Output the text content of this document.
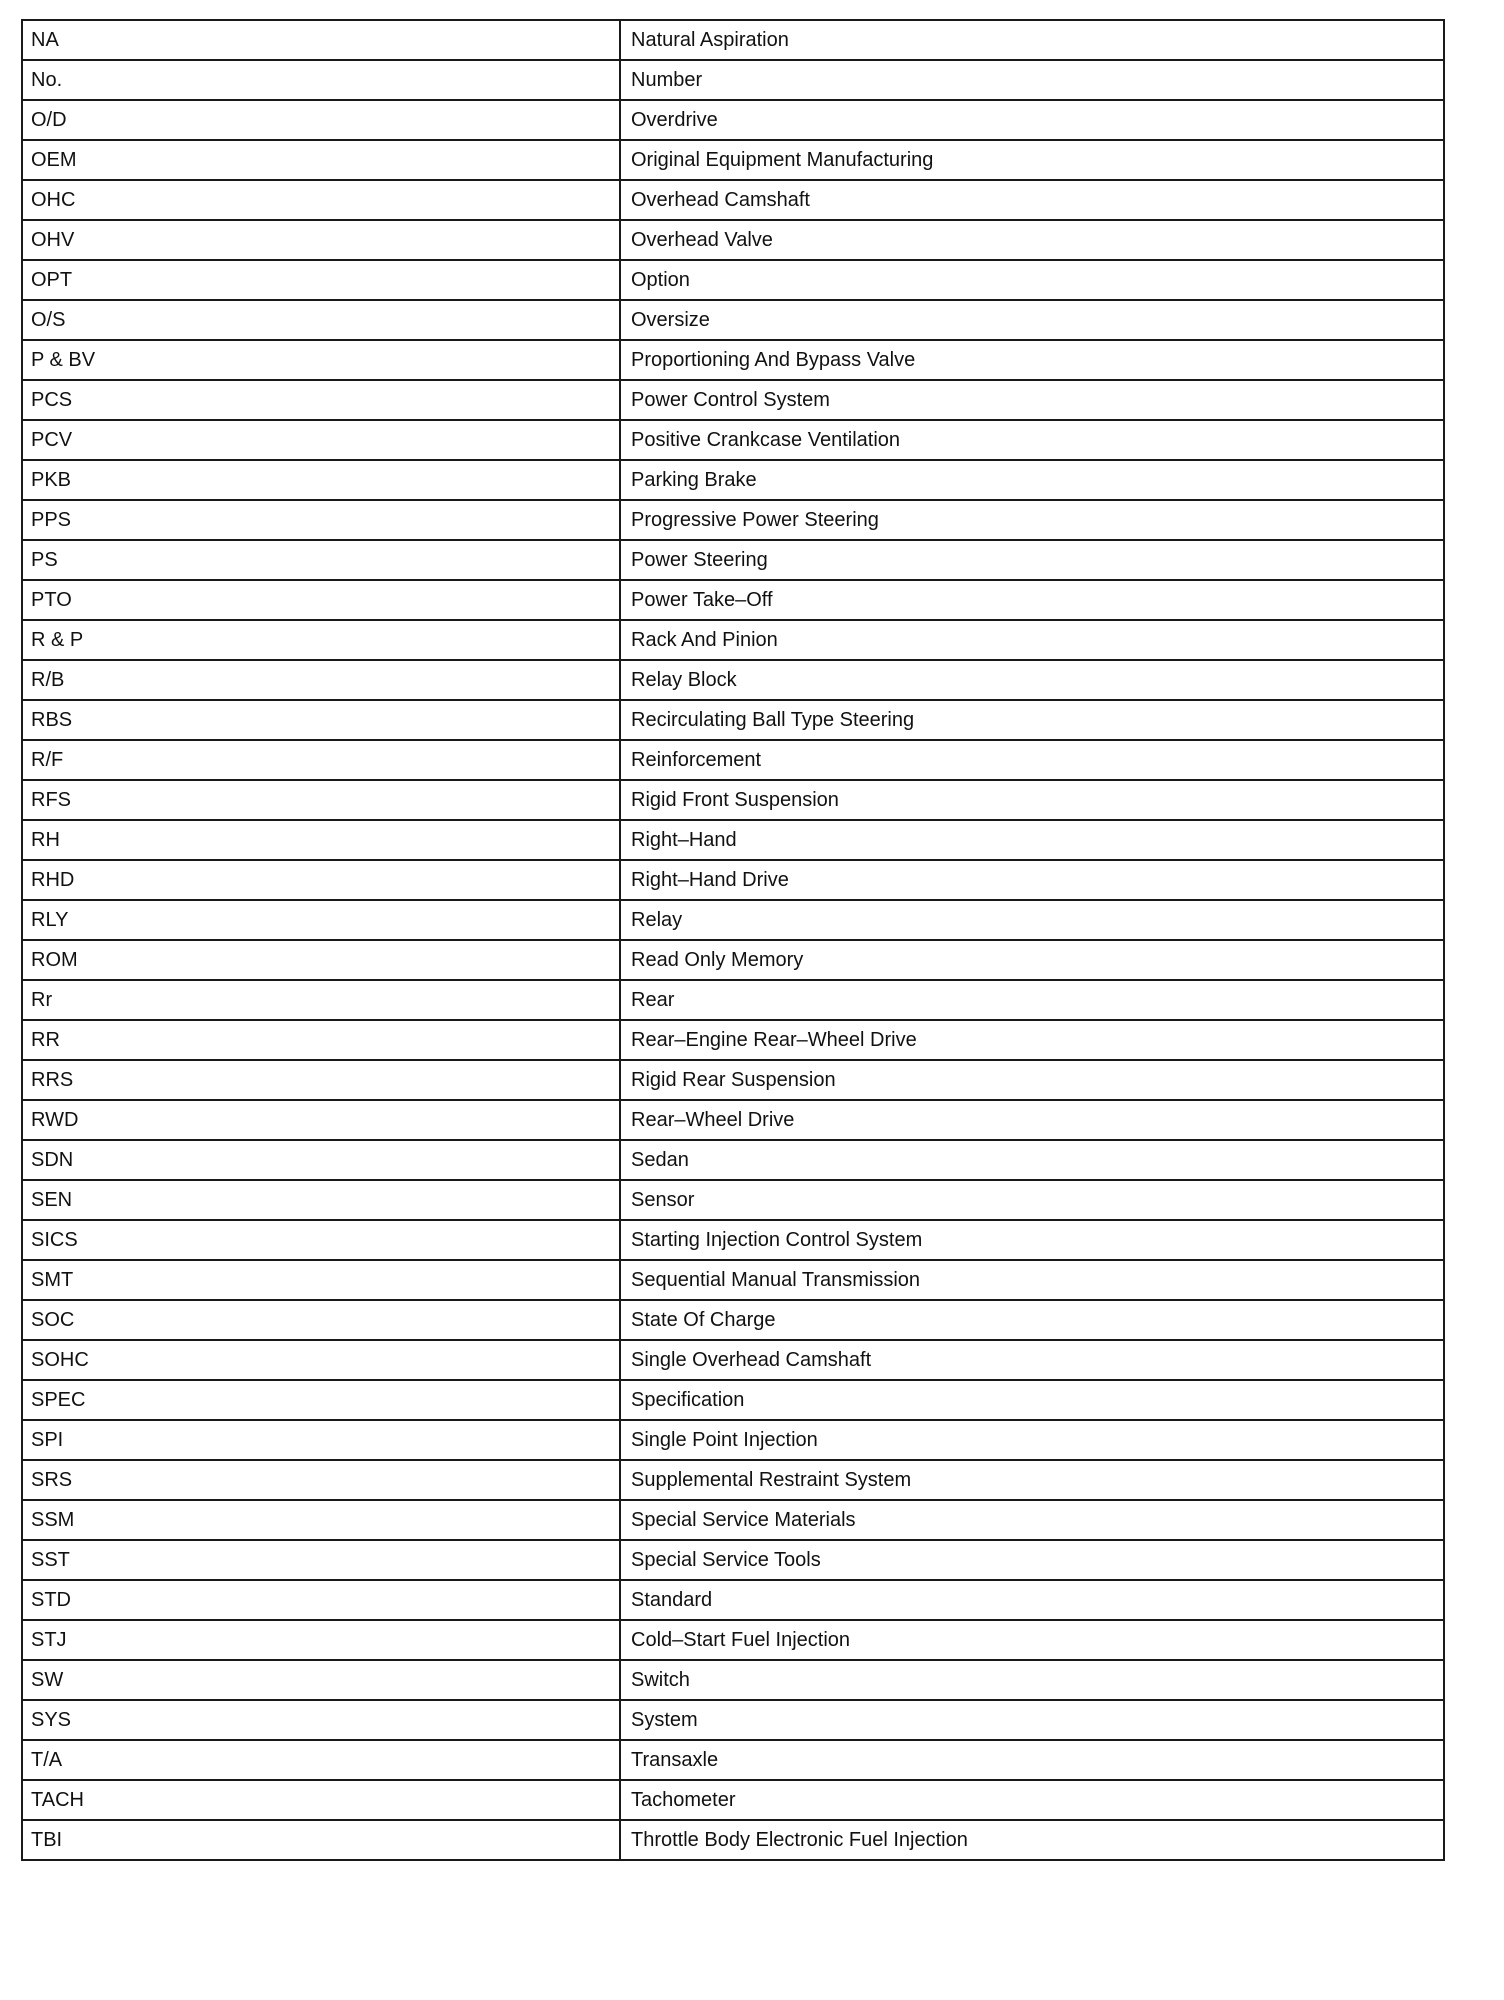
NA	Natural Aspiration
No.	Number
O/D	Overdrive
OEM	Original Equipment Manufacturing
OHC	Overhead Camshaft
OHV	Overhead Valve
OPT	Option
O/S	Oversize
P & BV	Proportioning And Bypass Valve
PCS	Power Control System
PCV	Positive Crankcase Ventilation
PKB	Parking Brake
PPS	Progressive Power Steering
PS	Power Steering
PTO	Power Take–Off
R & P	Rack And Pinion
R/B	Relay Block
RBS	Recirculating Ball Type Steering
R/F	Reinforcement
RFS	Rigid Front Suspension
RH	Right–Hand
RHD	Right–Hand Drive
RLY	Relay
ROM	Read Only Memory
Rr	Rear
RR	Rear–Engine Rear–Wheel Drive
RRS	Rigid Rear Suspension
RWD	Rear–Wheel Drive
SDN	Sedan
SEN	Sensor
SICS	Starting Injection Control System
SMT	Sequential Manual Transmission
SOC	State Of Charge
SOHC	Single Overhead Camshaft
SPEC	Specification
SPI	Single Point Injection
SRS	Supplemental Restraint System
SSM	Special Service Materials
SST	Special Service Tools
STD	Standard
STJ	Cold–Start Fuel Injection
SW	Switch
SYS	System
T/A	Transaxle
TACH	Tachometer
TBI	Throttle Body Electronic Fuel Injection
